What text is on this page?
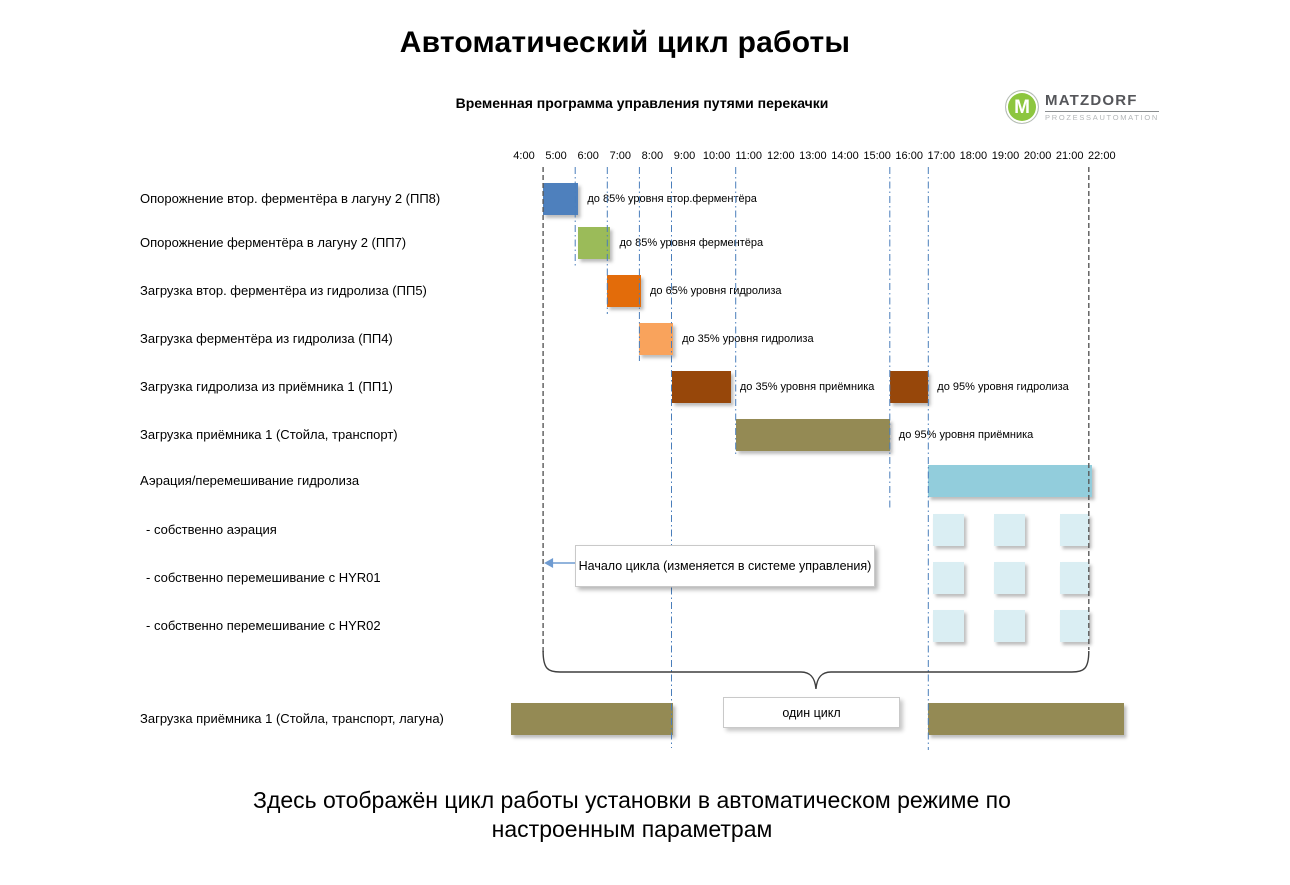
Автоматический цикл работы
Временная программа управления путями перекачки	M MATZDORF
PROZESSAUTOMATION
4:00 5:00 6:00 7:00 8:00 9:00 10:00 11:00 12:00 13:00 14:00 15:00 16:00 17:00 18:00 19:00 20:00 21:00 22:00
Опорожнение втор. ферментёра в лагуну 2 (ПП8)	до 85% уровня втор.ферментёра
Опорожнение ферментёра в лагуну 2 (ПП7)	до 85% уровня ферментёра
Загрузка втор. ферментёра из гидролиза (ПП5)	до 65% уровня гидролиза
Загрузка ферментёра из гидролиза (ПП4)	до 35% уровня гидролиза
Загрузка гидролиза из приёмника 1 (ПП1)	до 35% уровня приёмника	до 95% уровня гидролиза
Загрузка приёмника 1 (Стойла, транспорт)	до 95% уровня приёмника
Аэрация/перемешивание гидролиза
- собственно аэрация
- собственно перемешивание с HYR01
- собственно перемешивание с HYR02
Загрузка приёмника 1 (Стойла, транспорт, лагуна)
Начало цикла (изменяется в системе управления)
один цикл
Здесь отображён цикл работы установки в автоматическом режиме по
настроенным параметрам
